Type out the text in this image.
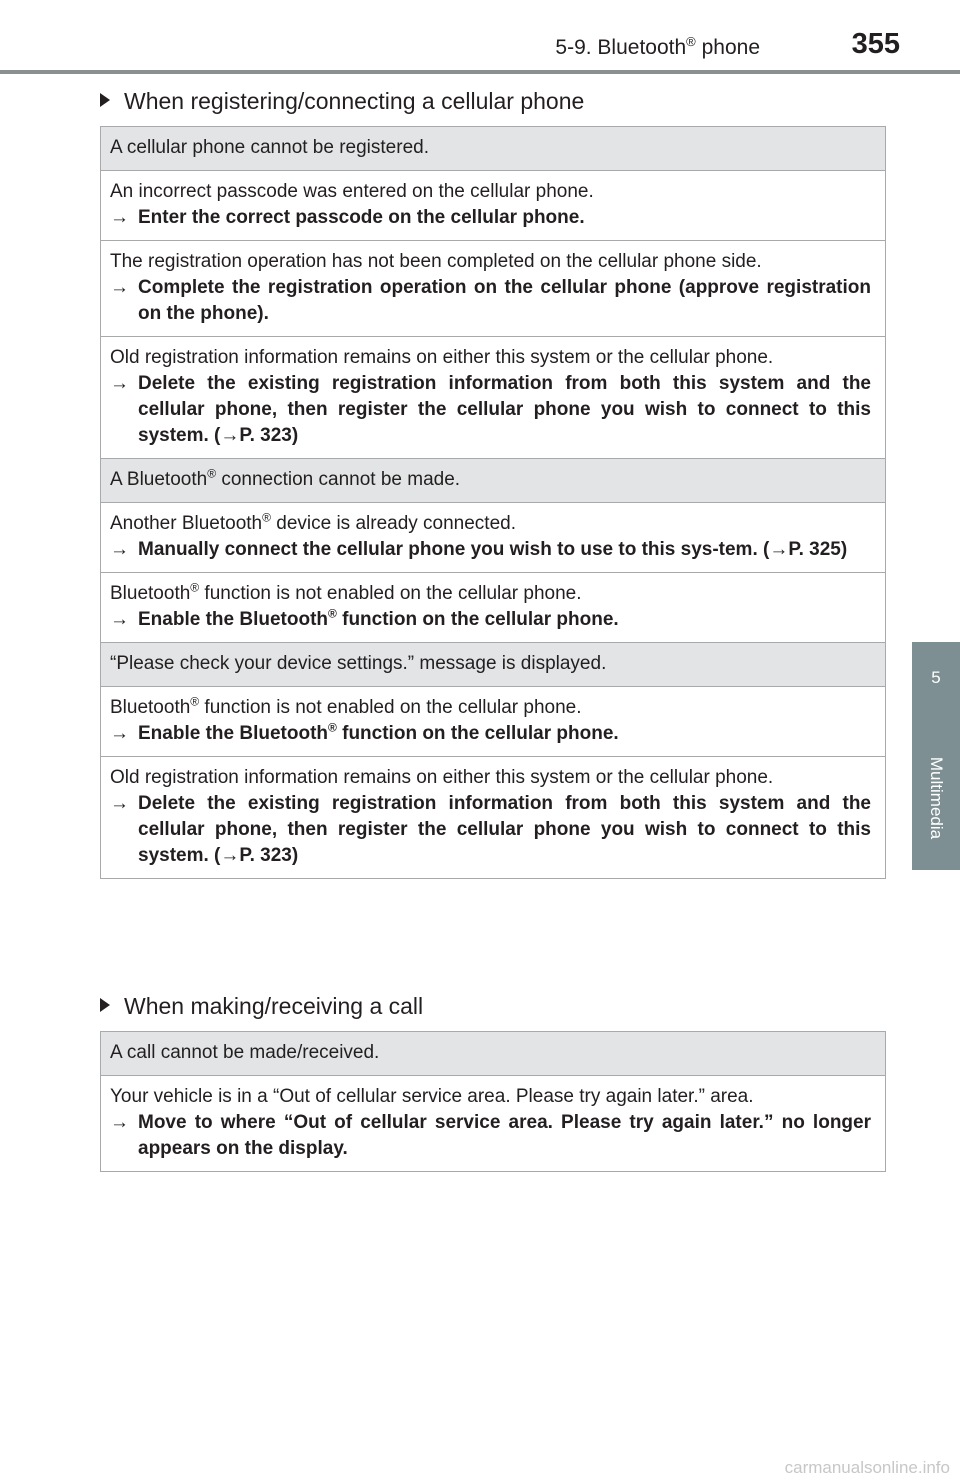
5-9. Bluetooth® phone	355
5
Multimedia
When registering/connecting a cellular phone
A cellular phone cannot be registered.
An incorrect passcode was entered on the cellular phone.
→ Enter the correct passcode on the cellular phone.

The registration operation has not been completed on the cellular phone side.
→ Complete the registration operation on the cellular phone (approve registration on the phone).

Old registration information remains on either this system or the cellular phone.
→ Delete the existing registration information from both this system and the cellular phone, then register the cellular phone you wish to connect to this system. (→P. 323)

A Bluetooth® connection cannot be made.
Another Bluetooth® device is already connected.
→ Manually connect the cellular phone you wish to use to this sys-tem. (→P. 325)

Bluetooth® function is not enabled on the cellular phone.
→ Enable the Bluetooth® function on the cellular phone.

“Please check your device settings.” message is displayed.
Bluetooth® function is not enabled on the cellular phone.
→ Enable the Bluetooth® function on the cellular phone.

Old registration information remains on either this system or the cellular phone.
→ Delete the existing registration information from both this system and the cellular phone, then register the cellular phone you wish to connect to this system. (→P. 323)
When making/receiving a call
A call cannot be made/received.
Your vehicle is in a “Out of cellular service area. Please try again later.” area.
→ Move to where “Out of cellular service area. Please try again later.” no longer appears on the display.
carmanualsonline.info
